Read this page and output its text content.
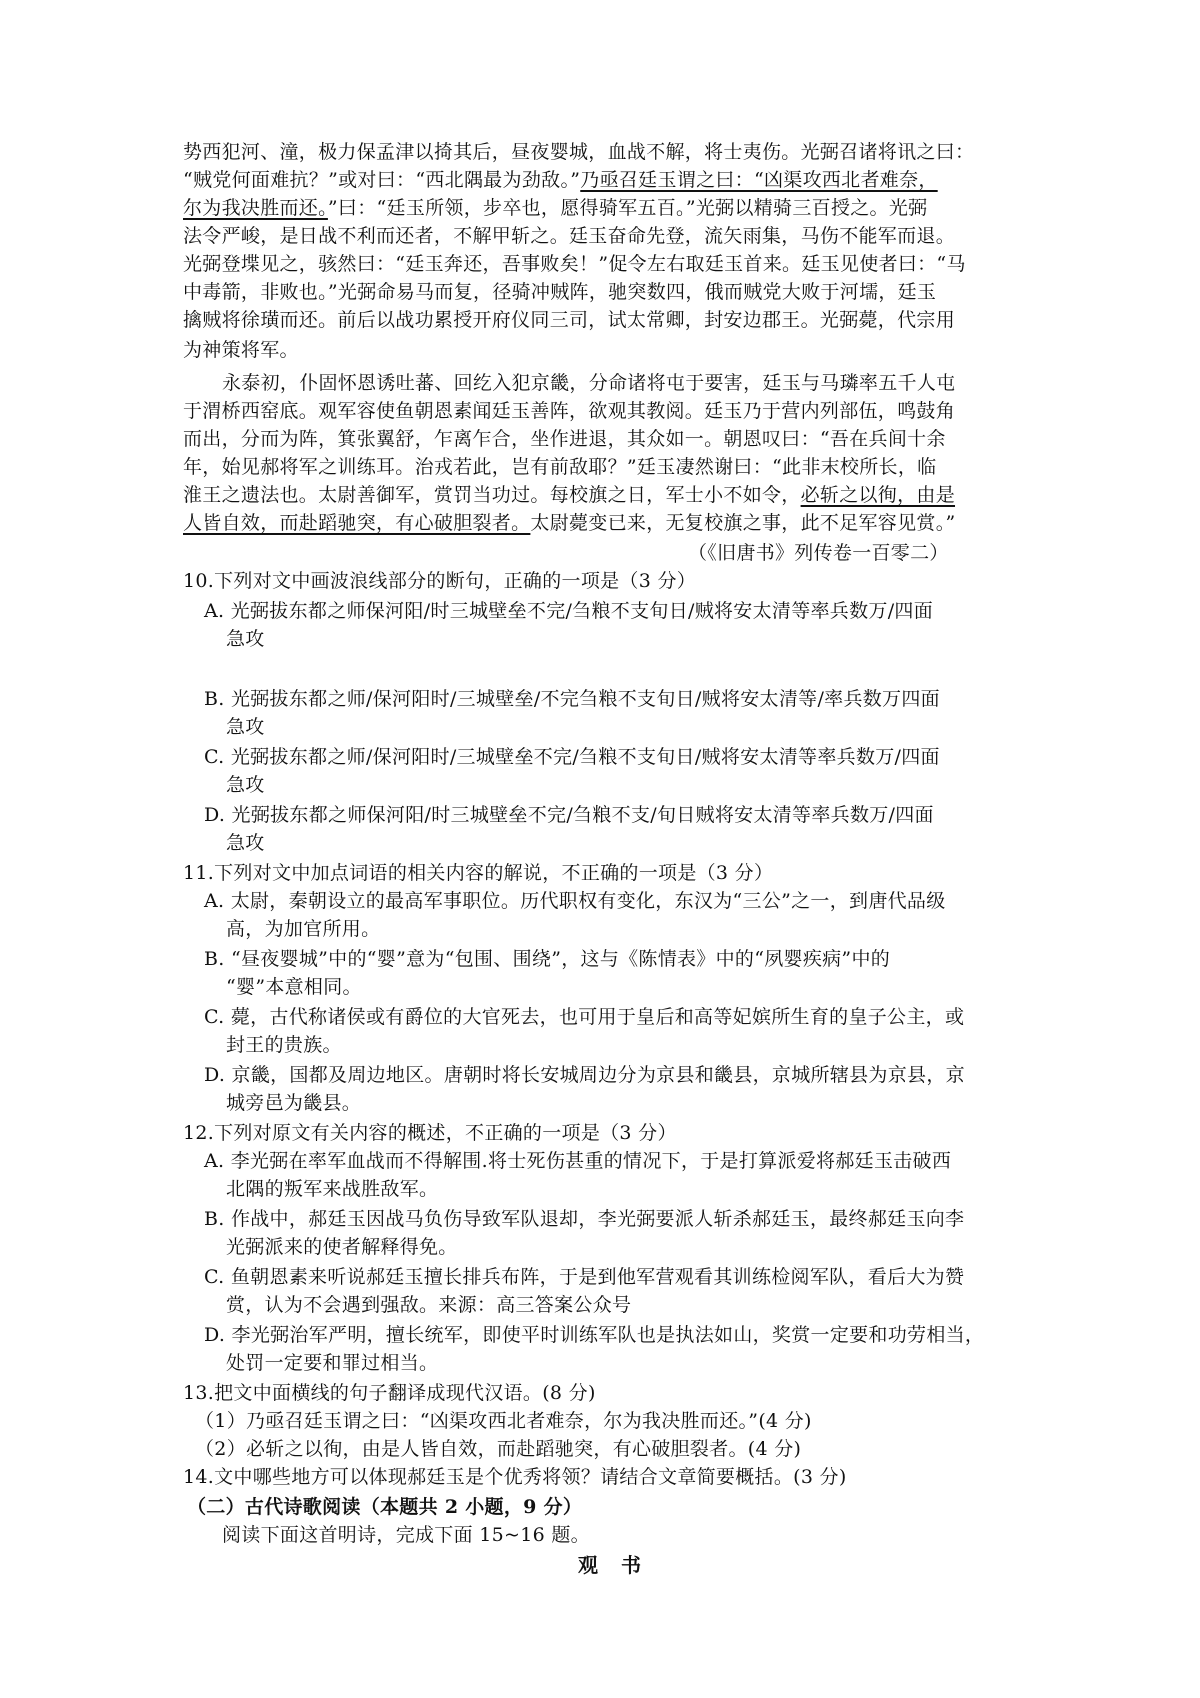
势西犯河、潼，极力保孟津以掎其后，昼夜婴城，血战不解，将士夷伤。光弼召诸将讯之曰：
“贼党何面难抗？”或对曰：“西北隅最为劲敌。”乃亟召廷玉谓之曰：“凶渠攻西北者难奈，
尔为我决胜而还。”曰：“廷玉所领，步卒也，愿得骑军五百。”光弼以精骑三百授之。光弼
法令严峻，是日战不利而还者，不解甲斩之。廷玉奋命先登，流矢雨集，马伤不能军而退。
光弼登堞见之，骇然曰：“廷玉奔还，吾事败矣！”促令左右取廷玉首来。廷玉见使者曰：“马
中毒箭，非败也。”光弼命易马而复，径骑冲贼阵，驰突数四，俄而贼党大败于河壖，廷玉
擒贼将徐璜而还。前后以战功累授开府仪同三司，试太常卿，封安边郡王。光弼薨，代宗用
为神策将军。
永泰初，仆固怀恩诱吐蕃、回纥入犯京畿，分命诸将屯于要害，廷玉与马璘率五千人屯
于渭桥西窑底。观军容使鱼朝恩素闻廷玉善阵，欲观其教阅。廷玉乃于营内列部伍，鸣鼓角
而出，分而为阵，箕张翼舒，乍离乍合，坐作进退，其众如一。朝恩叹曰：“吾在兵间十余
年，始见郝将军之训练耳。治戎若此，岂有前敌耶？”廷玉凄然谢曰：“此非末校所长，临
淮王之遗法也。太尉善御军，赏罚当功过。每校旗之日，军士小不如令，必斩之以徇，由是
人皆自效，而赴蹈驰突，有心破胆裂者。太尉薨变已来，无复校旗之事，此不足军容见赏。”
（《旧唐书》列传卷一百零二）
10.下列对文中画波浪线部分的断句，正确的一项是（3 分）
A. 光弼拔东都之师保河阳/时三城壁垒不完/刍粮不支旬日/贼将安太清等率兵数万/四面
急攻
B. 光弼拔东都之师/保河阳时/三城壁垒/不完刍粮不支旬日/贼将安太清等/率兵数万四面
急攻
C. 光弼拔东都之师/保河阳时/三城壁垒不完/刍粮不支旬日/贼将安太清等率兵数万/四面
急攻
D. 光弼拔东都之师保河阳/时三城壁垒不完/刍粮不支/旬日贼将安太清等率兵数万/四面
急攻
11.下列对文中加点词语的相关内容的解说，不正确的一项是（3 分）
A. 太尉，秦朝设立的最高军事职位。历代职权有变化，东汉为“三公”之一，到唐代品级
高，为加官所用。
B. “昼夜婴城”中的“婴”意为“包围、围绕”，这与《陈情表》中的“夙婴疾病”中的
“婴”本意相同。
C. 薨，古代称诸侯或有爵位的大官死去，也可用于皇后和高等妃嫔所生育的皇子公主，或
封王的贵族。
D. 京畿，国都及周边地区。唐朝时将长安城周边分为京县和畿县，京城所辖县为京县，京
城旁邑为畿县。
12.下列对原文有关内容的概述，不正确的一项是（3 分）
A. 李光弼在率军血战而不得解围.将士死伤甚重的情况下，于是打算派爱将郝廷玉击破西
北隅的叛军来战胜敌军。
B. 作战中，郝廷玉因战马负伤导致军队退却，李光弼要派人斩杀郝廷玉，最终郝廷玉向李
光弼派来的使者解释得免。
C. 鱼朝恩素来听说郝廷玉擅长排兵布阵，于是到他军营观看其训练检阅军队，看后大为赞
赏，认为不会遇到强敌。来源：高三答案公众号
D. 李光弼治军严明，擅长统军，即使平时训练军队也是执法如山，奖赏一定要和功劳相当，
处罚一定要和罪过相当。
13.把文中面横线的句子翻译成现代汉语。(8 分)
（1）乃亟召廷玉谓之曰：“凶渠攻西北者难奈，尔为我决胜而还。”(4 分)
（2）必斩之以徇，由是人皆自效，而赴蹈驰突，有心破胆裂者。(4 分)
14.文中哪些地方可以体现郝廷玉是个优秀将领？请结合文章简要概括。(3 分)
（二）古代诗歌阅读（本题共 2 小题，9 分）
阅读下面这首明诗，完成下面 15~16 题。
观 书
